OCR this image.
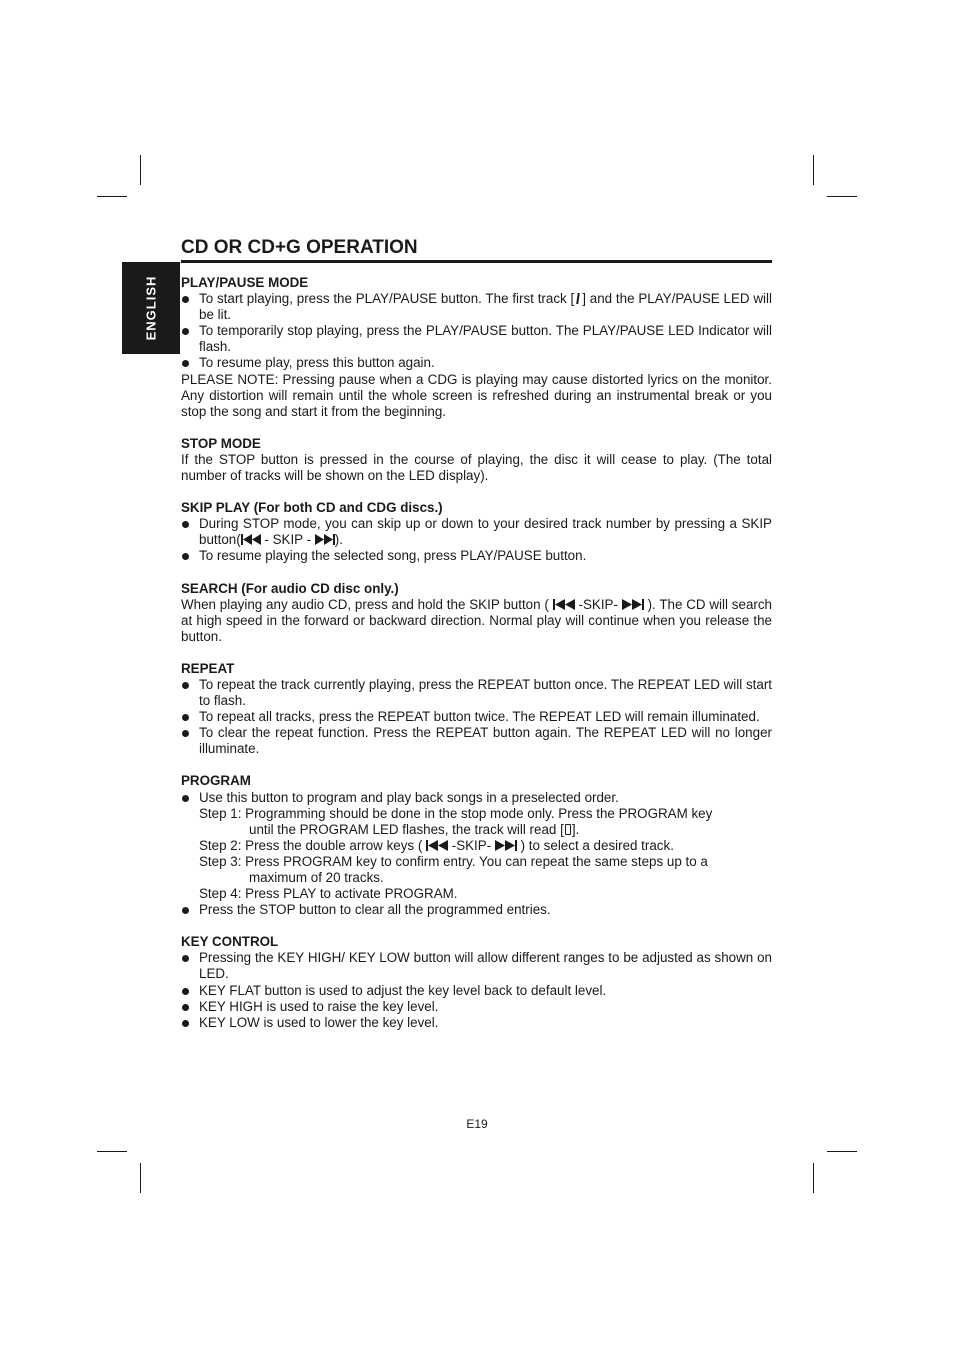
ENGLISH
CD OR CD+G OPERATION
PLAY/PAUSE MODE
To start playing, press the PLAY/PAUSE button. The first track [ ] and the PLAY/PAUSE LED will be lit.
To temporarily stop playing, press the PLAY/PAUSE button. The PLAY/PAUSE LED Indicator will flash.
To resume play, press this button again.
PLEASE NOTE: Pressing pause when a CDG is playing may cause distorted lyrics on the monitor. Any distortion will remain until the whole screen is refreshed during an instrumental break or you stop the song and start it from the beginning.
STOP MODE
If the STOP button is pressed in the course of playing, the disc it will cease to play. (The total number of tracks will be shown on the LED display).
SKIP PLAY (For both CD and CDG discs.)
During STOP mode, you can skip up or down to your desired track number by pressing a SKIP button(
- SKIP -
).
To resume playing the selected song, press PLAY/PAUSE button.
SEARCH (For audio CD disc only.)
When playing any audio CD, press and hold the SKIP button (
-SKIP-
). The CD will search at high speed in the forward or backward direction. Normal play will continue when you release the button.
REPEAT
To repeat the track currently playing, press the REPEAT button once. The REPEAT LED will start to flash.
To repeat all tracks, press the REPEAT button twice. The REPEAT LED will remain illuminated.
To clear the repeat function. Press the REPEAT button again. The REPEAT LED will no longer illuminate.
PROGRAM
Use this button to program and play back songs in a preselected order.
Step 1: Programming should be done in the stop mode only. Press the PROGRAM key
until the PROGRAM LED flashes, the track will read [ ].
Step 2: Press the double arrow keys (
-SKIP-
) to select a desired track.
Step 3: Press PROGRAM key to confirm entry. You can repeat the same steps up to a
maximum of 20 tracks.
Step 4: Press PLAY to activate PROGRAM.
Press the STOP button to clear all the programmed entries.
KEY CONTROL
Pressing the KEY HIGH/ KEY LOW button will allow different ranges to be adjusted as shown on LED.
KEY FLAT button is used to adjust the key level back to default level.
KEY HIGH is used to raise the key level.
KEY LOW is used to lower the key level.
E19
